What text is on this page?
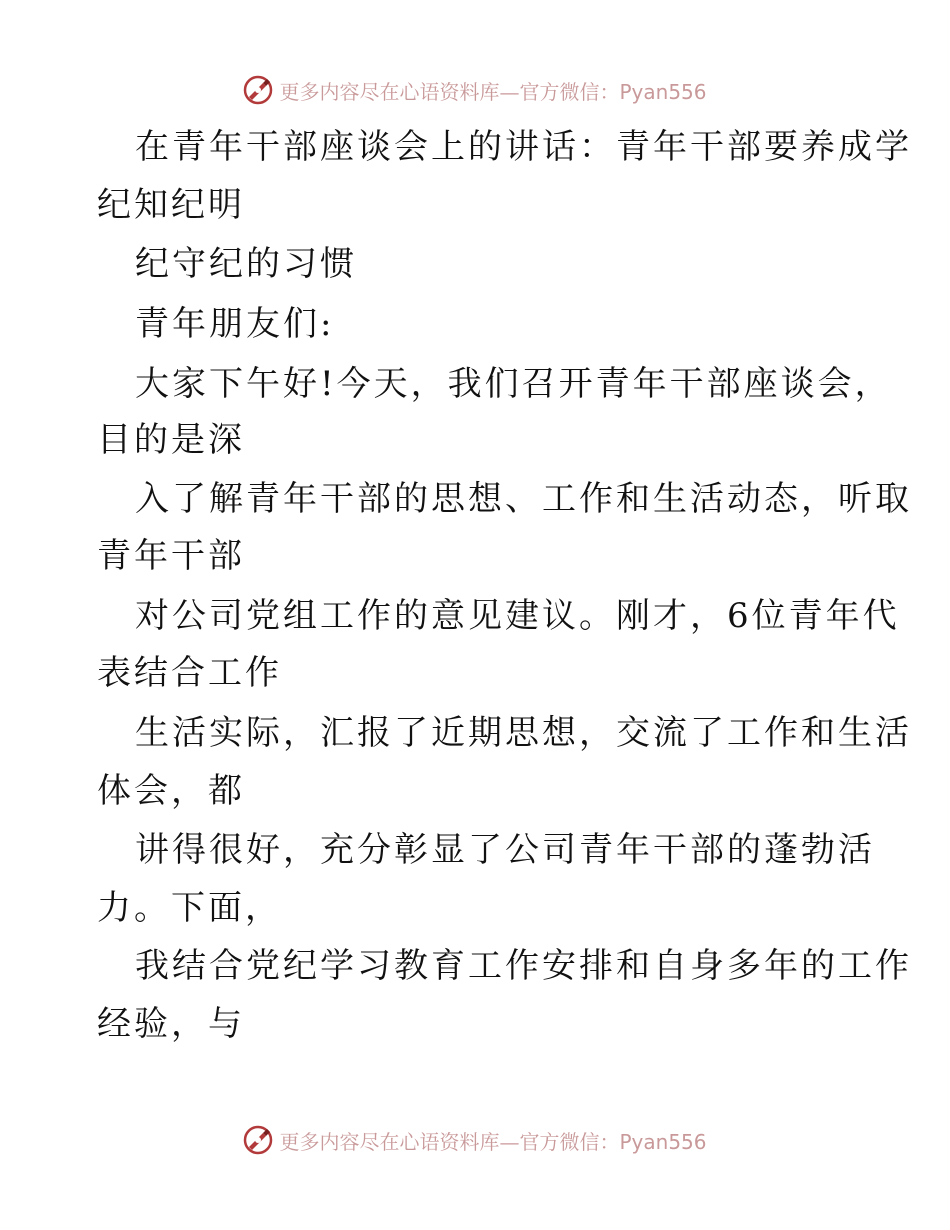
更多内容尽在心语资料库—官方微信：Pyan556
在青年干部座谈会上的讲话：青年干部要养成学
纪知纪明
纪守纪的习惯
青年朋友们:
大家下午好!今天，我们召开青年干部座谈会，
目的是深
入了解青年干部的思想、工作和生活动态，听取
青年干部
对公司党组工作的意见建议。刚才，6位青年代
表结合工作
生活实际，汇报了近期思想，交流了工作和生活
体会，都
讲得很好，充分彰显了公司青年干部的蓬勃活
力。下面，
我结合党纪学习教育工作安排和自身多年的工作
经验，与
更多内容尽在心语资料库—官方微信：Pyan556
